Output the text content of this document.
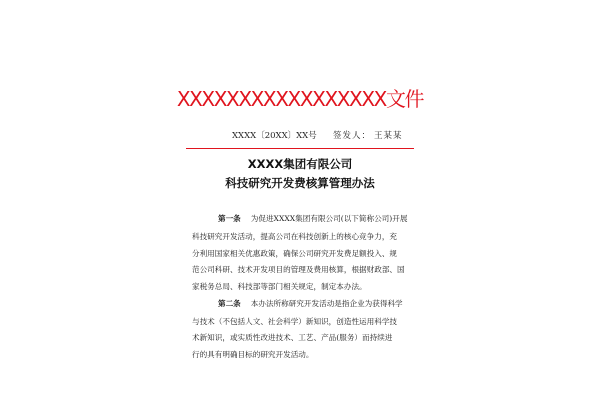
XXXXXXXXXXXXXXXXX文件
XXXX〔20XX〕XX号 签发人： 王某某
XXXX集团有限公司
科技研究开发费核算管理办法
第一条 为促进XXXX集团有限公司(以下简称公司)开展
科技研究开发活动，提高公司在科技创新上的核心竞争力，充
分利用国家相关优惠政策，确保公司研究开发费足额投入、规
范公司科研、技术开发项目的管理及费用核算，根据财政部、国
家税务总局、科技部等部门相关规定，制定本办法。
第二条 本办法所称研究开发活动是指企业为获得科学
与技术（不包括人文、社会科学）新知识，创造性运用科学技
术新知识，或实质性改进技术、工艺、产品(服务）而持续进
行的具有明确目标的研究开发活动。
